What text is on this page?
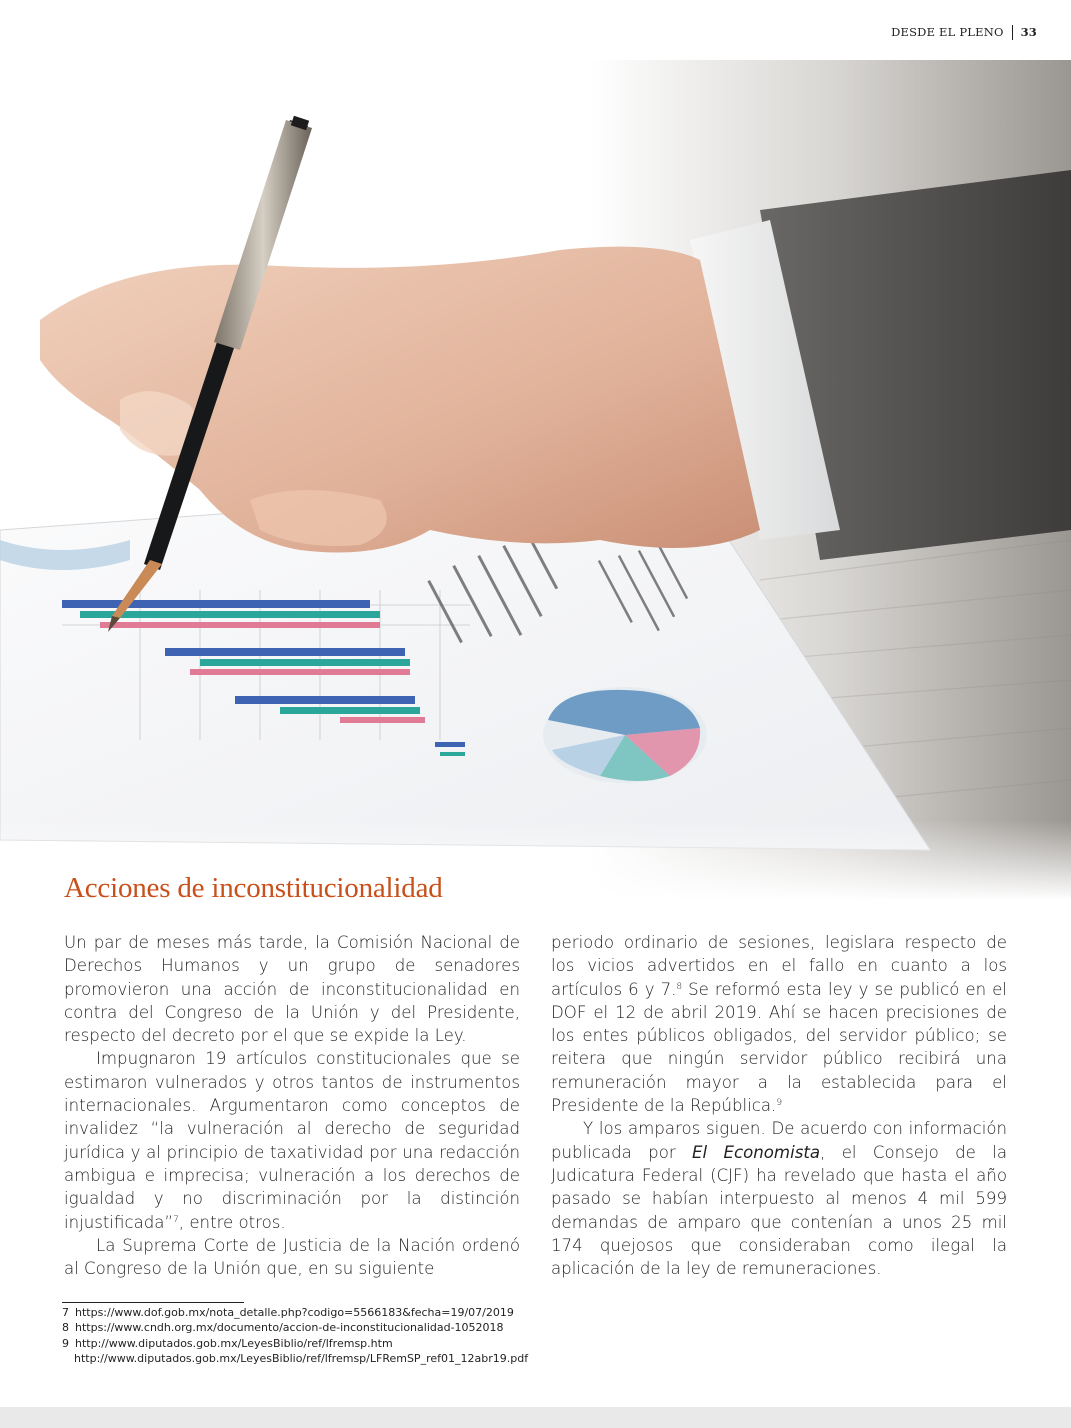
DESDE EL PLENO 33
Acciones de inconstitucionalidad

Un par de meses más tarde, la Comisión Nacional de Derechos Humanos y un grupo de senadores promovieron una acción de inconstitucionalidad en contra del Congreso de la Unión y del Presidente, respecto del decreto por el que se expide la Ley.

Impugnaron 19 artículos constitucionales que se estimaron vulnerados y otros tantos de instrumentos internacionales. Argumentaron como conceptos de invalidez “la vulneración al derecho de seguridad jurídica y al principio de taxatividad por una redacción ambigua e imprecisa; vulneración a los derechos de igualdad y no discriminación por la distinción injustificada”$^7$, entre otros.

La Suprema Corte de Justicia de la Nación ordenó al Congreso de la Unión que, en su siguiente

periodo ordinario de sesiones, legislara respecto de los vicios advertidos en el fallo en cuanto a los artículos 6 y 7.$^8$ Se reformó esta ley y se publicó en el DOF el 12 de abril 2019. Ahí se hacen precisiones de los entes públicos obligados, del servidor público; se reitera que ningún servidor público recibirá una remuneración mayor a la establecida para el Presidente de la República.$^9$

Y los amparos siguen. De acuerdo con información publicada por El Economista, el Consejo de la Judicatura Federal (CJF) ha revelado que hasta el año pasado se habían interpuesto al menos 4 mil 599 demandas de amparo que contenían a unos 25 mil 174 quejosos que consideraban como ilegal la aplicación de la ley de remuneraciones.

7 https://www.dof.gob.mx/nota_detalle.php?codigo=5566183&fecha=19/07/2019
8 https://www.cndh.org.mx/documento/accion-de-inconstitucionalidad-1052018
9 http://www.diputados.gob.mx/LeyesBiblio/ref/lfremsp.htm
http://www.diputados.gob.mx/LeyesBiblio/ref/lfremsp/LFRemSP_ref01_12abr19.pdf
